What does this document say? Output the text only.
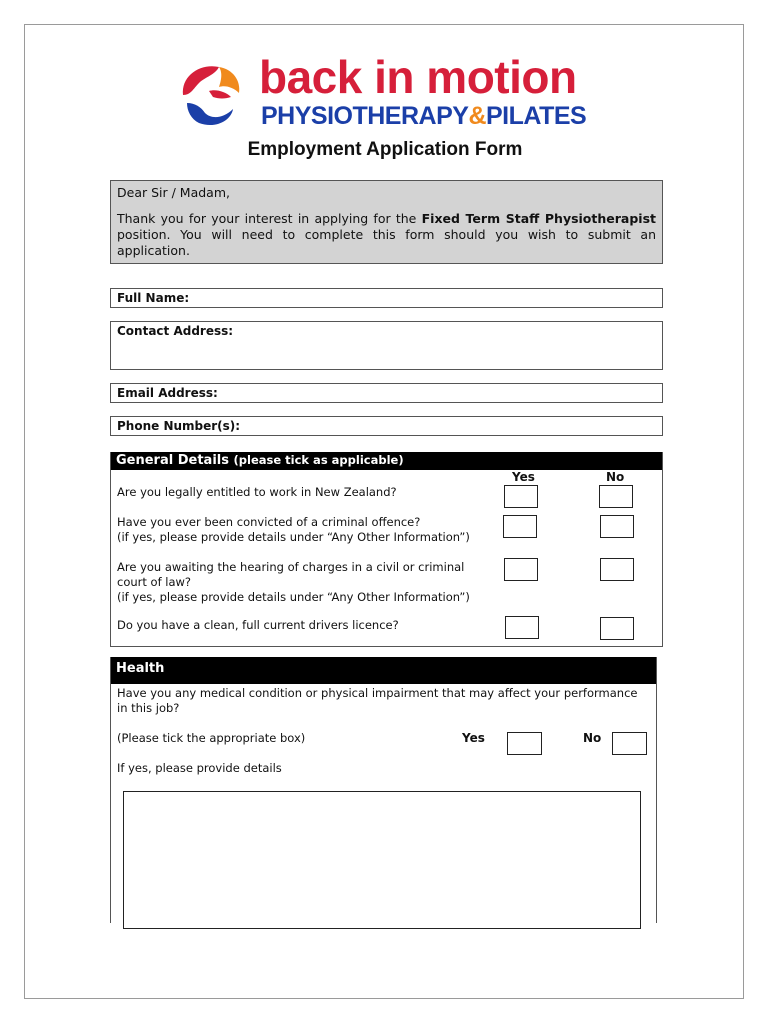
back in motion
PHYSIOTHERAPY&PILATES
Employment Application Form

Dear Sir / Madam,

Thank you for your interest in applying for the Fixed Term Staff Physiotherapist position. You will need to complete this form should you wish to submit an application.

Full Name:
Contact Address:
Email Address:
Phone Number(s):
General Details (please tick as applicable)
Yes	No
Are you legally entitled to work in New Zealand?
Have you ever been convicted of a criminal offence?
(if yes, please provide details under “Any Other Information”)
Are you awaiting the hearing of charges in a civil or criminal
court of law?
(if yes, please provide details under “Any Other Information”)
Do you have a clean, full current drivers licence?
Health
Have you any medical condition or physical impairment that may affect your performance in this job?
(Please tick the appropriate box)	Yes	No
If yes, please provide details
